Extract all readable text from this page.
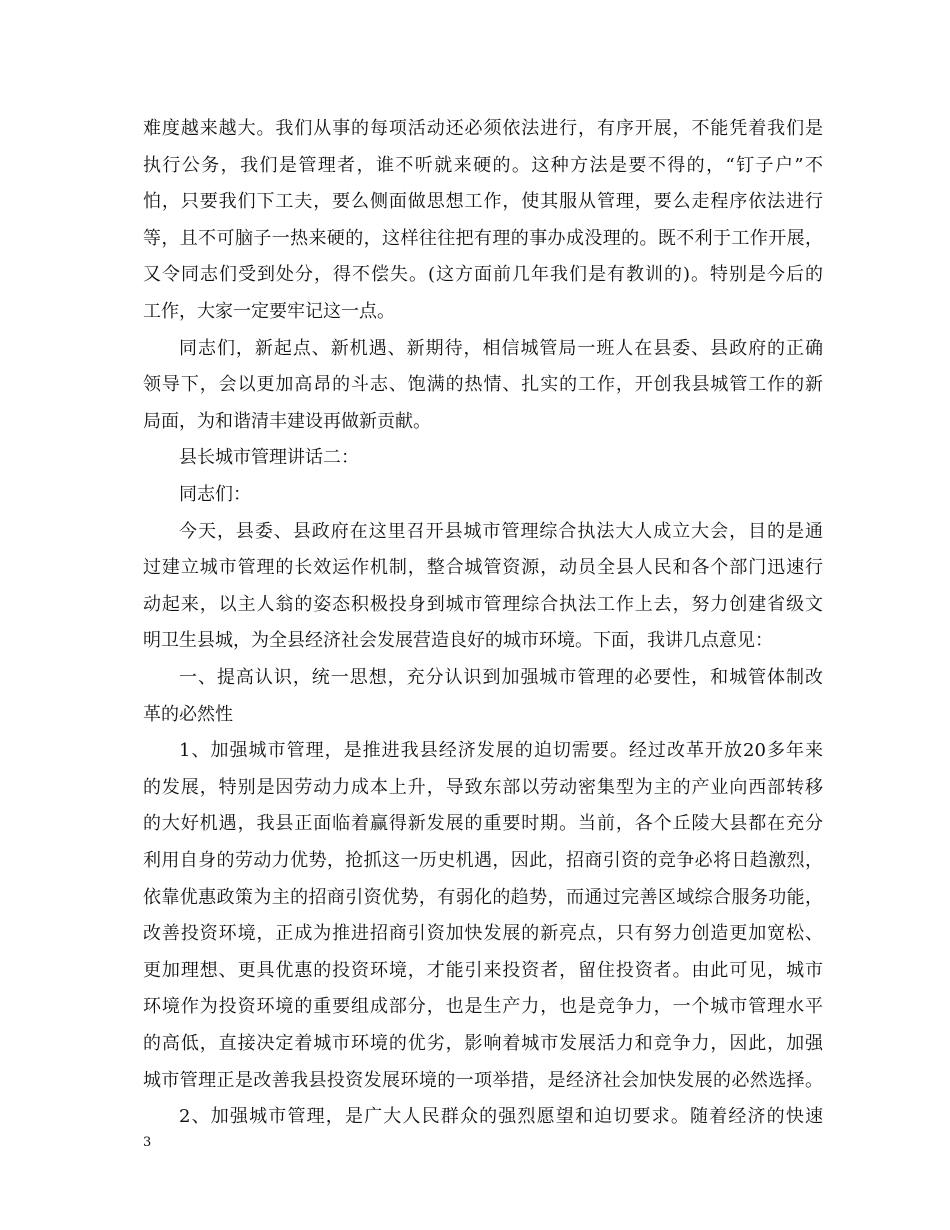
难度越来越大。我们从事的每项活动还必须依法进行，有序开展，不能凭着我们是
执行公务，我们是管理者，谁不听就来硬的。这种方法是要不得的，“钉子户”不
怕，只要我们下工夫，要么侧面做思想工作，使其服从管理，要么走程序依法进行
等，且不可脑子一热来硬的，这样往往把有理的事办成没理的。既不利于工作开展，
又令同志们受到处分，得不偿失。(这方面前几年我们是有教训的)。特别是今后的
工作，大家一定要牢记这一点。
同志们，新起点、新机遇、新期待，相信城管局一班人在县委、县政府的正确
领导下，会以更加高昂的斗志、饱满的热情、扎实的工作，开创我县城管工作的新
局面，为和谐清丰建设再做新贡献。
县长城市管理讲话二：
同志们：
今天，县委、县政府在这里召开县城市管理综合执法大人成立大会，目的是通
过建立城市管理的长效运作机制，整合城管资源，动员全县人民和各个部门迅速行
动起来，以主人翁的姿态积极投身到城市管理综合执法工作上去，努力创建省级文
明卫生县城，为全县经济社会发展营造良好的城市环境。下面，我讲几点意见：
一、提高认识，统一思想，充分认识到加强城市管理的必要性，和城管体制改
革的必然性
1、加强城市管理，是推进我县经济发展的迫切需要。经过改革开放20多年来
的发展，特别是因劳动力成本上升，导致东部以劳动密集型为主的产业向西部转移
的大好机遇，我县正面临着赢得新发展的重要时期。当前，各个丘陵大县都在充分
利用自身的劳动力优势，抢抓这一历史机遇，因此，招商引资的竞争必将日趋激烈，
依靠优惠政策为主的招商引资优势，有弱化的趋势，而通过完善区域综合服务功能，
改善投资环境，正成为推进招商引资加快发展的新亮点，只有努力创造更加宽松、
更加理想、更具优惠的投资环境，才能引来投资者，留住投资者。由此可见，城市
环境作为投资环境的重要组成部分，也是生产力，也是竞争力，一个城市管理水平
的高低，直接决定着城市环境的优劣，影响着城市发展活力和竞争力，因此，加强
城市管理正是改善我县投资发展环境的一项举措，是经济社会加快发展的必然选择。
2、加强城市管理，是广大人民群众的强烈愿望和迫切要求。随着经济的快速
3
